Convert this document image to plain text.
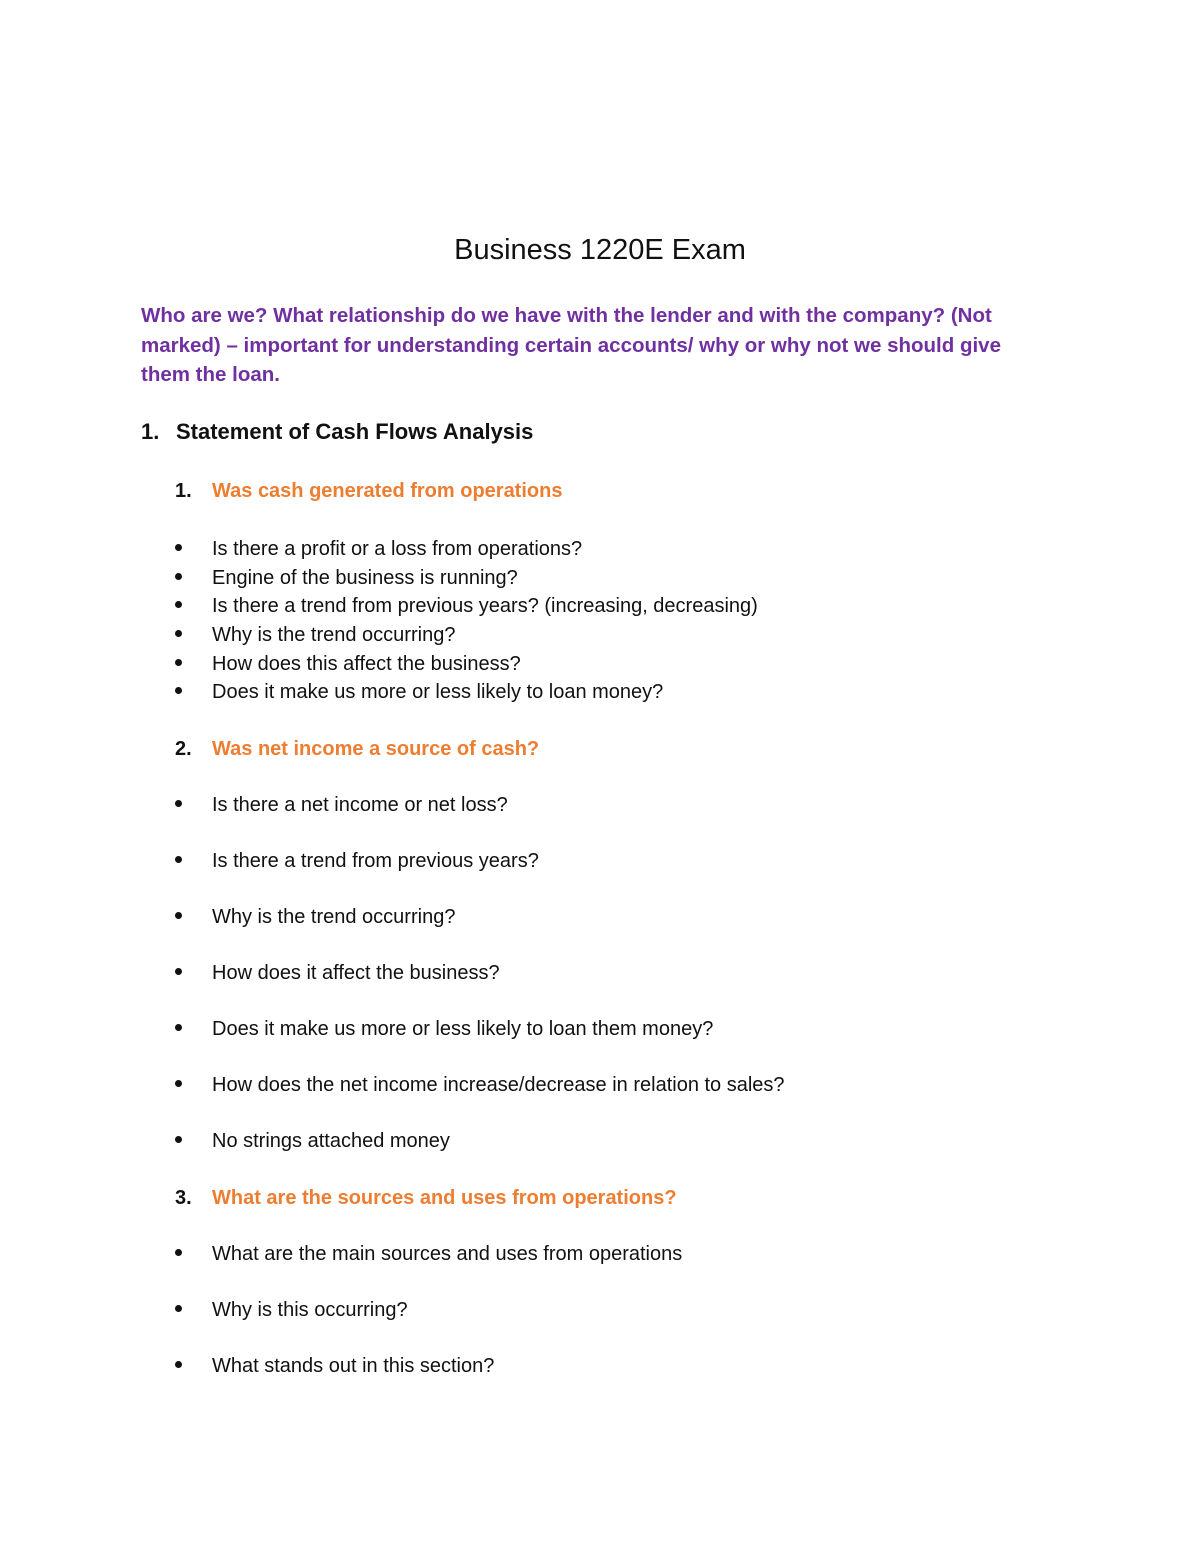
Business 1220E Exam

Who are we? What relationship do we have with the lender and with the company? (Not
marked) – important for understanding certain accounts/ why or why not we should give
them the loan.

1. Statement of Cash Flows Analysis
1. Was cash generated from operations
Is there a profit or a loss from operations?
Engine of the business is running?
Is there a trend from previous years? (increasing, decreasing)
Why is the trend occurring?
How does this affect the business?
Does it make us more or less likely to loan money?
2. Was net income a source of cash?
Is there a net income or net loss?
Is there a trend from previous years?
Why is the trend occurring?
How does it affect the business?
Does it make us more or less likely to loan them money?
How does the net income increase/decrease in relation to sales?
No strings attached money
3. What are the sources and uses from operations?
What are the main sources and uses from operations
Why is this occurring?
What stands out in this section?
